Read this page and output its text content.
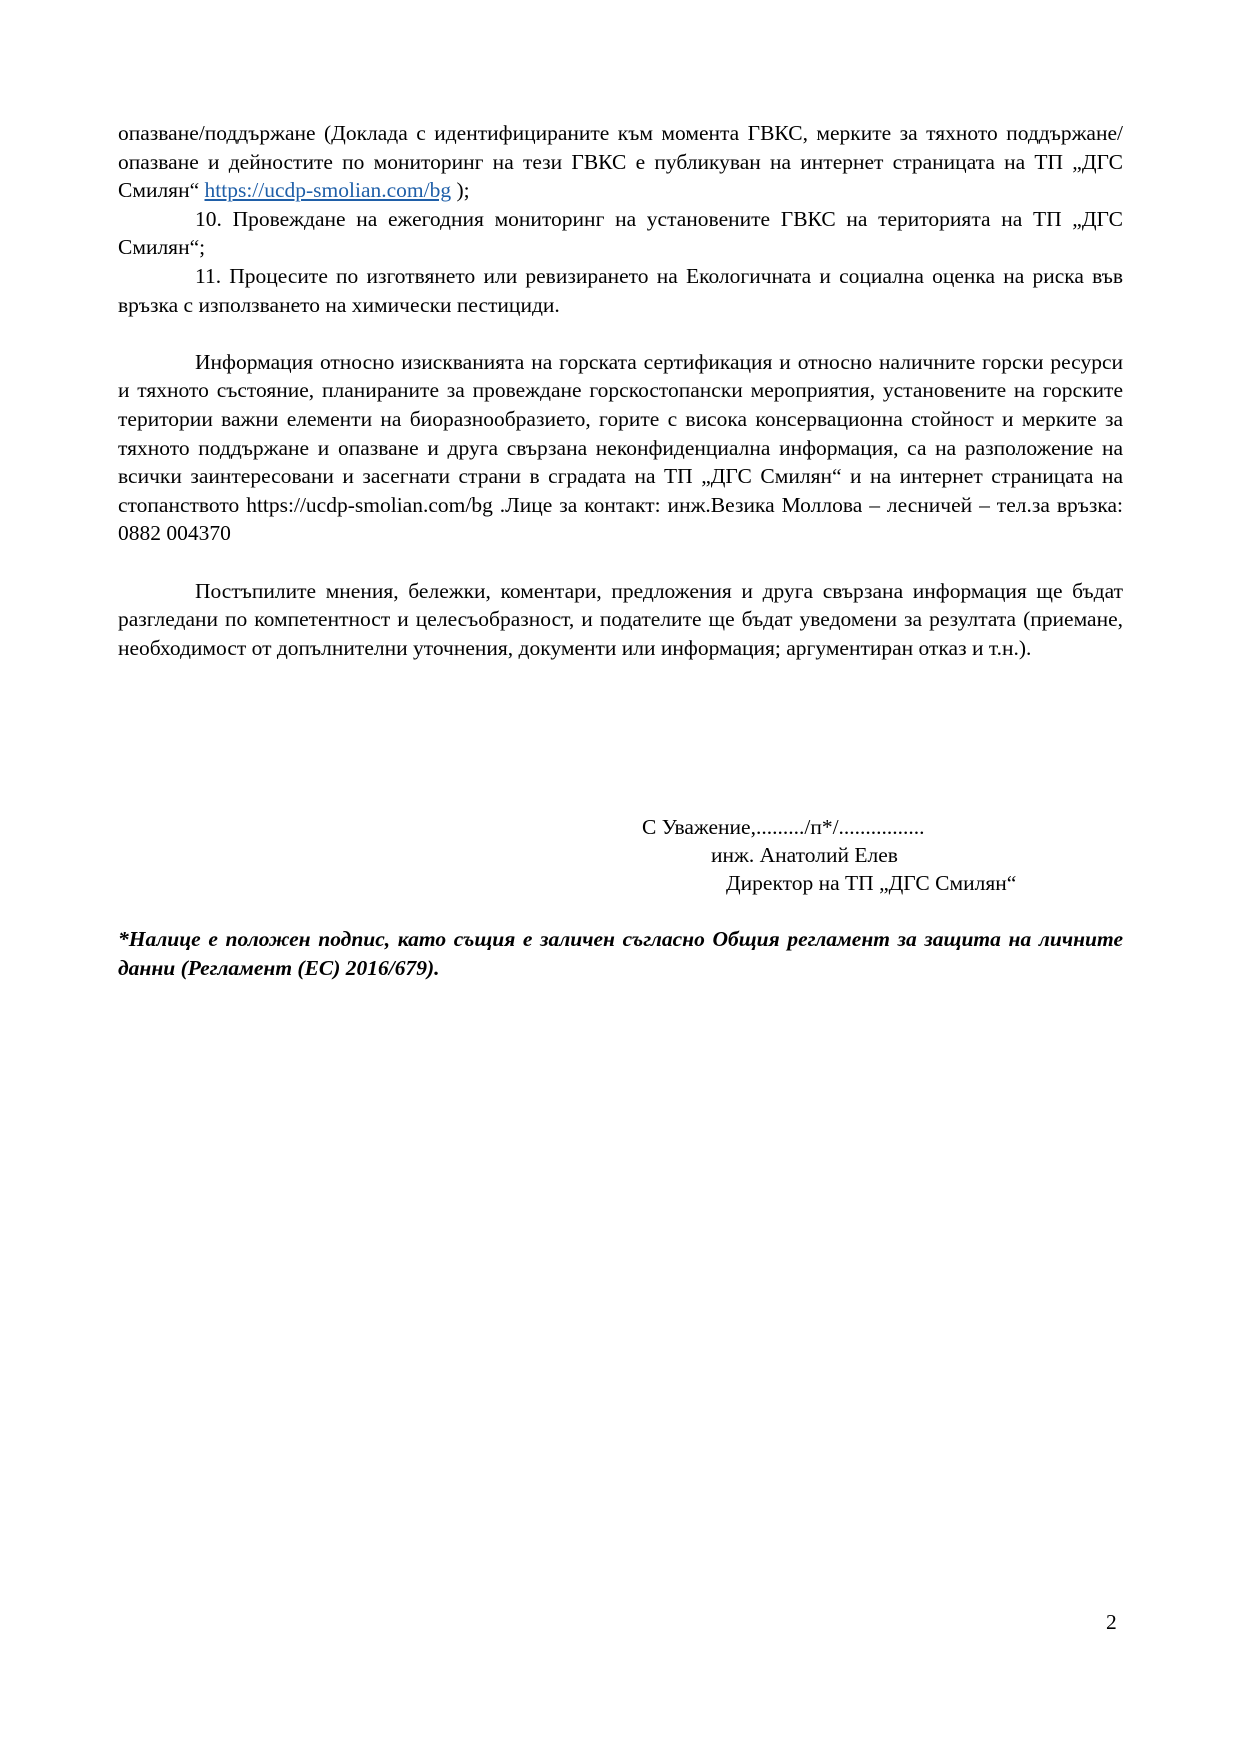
опазване/поддържане (Доклада с идентифицираните към момента ГВКС, мерките за тяхното поддържане/опазване и дейностите по мониторинг на тези ГВКС е публикуван на интернет страницата на ТП „ДГС Смилян“ https://ucdp-smolian.com/bg );

10. Провеждане на ежегодния мониторинг на установените ГВКС на територията на ТП „ДГС Смилян“;

11. Процесите по изготвянето или ревизирането на Екологичната и социална оценка на риска във връзка с използването на химически пестициди.

Информация относно изискванията на горската сертификация и относно наличните горски ресурси и тяхното състояние, планираните за провеждане горскостопански мероприятия, установените на горските територии важни елементи на биоразнообразието, горите с висока консервационна стойност и мерките за тяхното поддържане и опазване и друга свързана неконфиденциална информация, са на разположение на всички заинтересовани и засегнати страни в сградата на ТП „ДГС Смилян“ и на интернет страницата на стопанството https://ucdp-smolian.com/bg .Лице за контакт: инж.Везика Моллова – лесничей – тел.за връзка: 0882 004370

Постъпилите мнения, бележки, коментари, предложения и друга свързана информация ще бъдат разгледани по компетентност и целесъобразност, и подателите ще бъдат уведомени за резултата (приемане, необходимост от допълнителни уточнения, документи или информация; аргументиран отказ и т.н.).

С Уважение,........./п*/................
инж. Анатолий Елев
Директор на ТП „ДГС Смилян“
*Налице е положен подпис, като същия е заличен съгласно Общия регламент за защита на личните данни (Регламент (ЕС) 2016/679).
2
